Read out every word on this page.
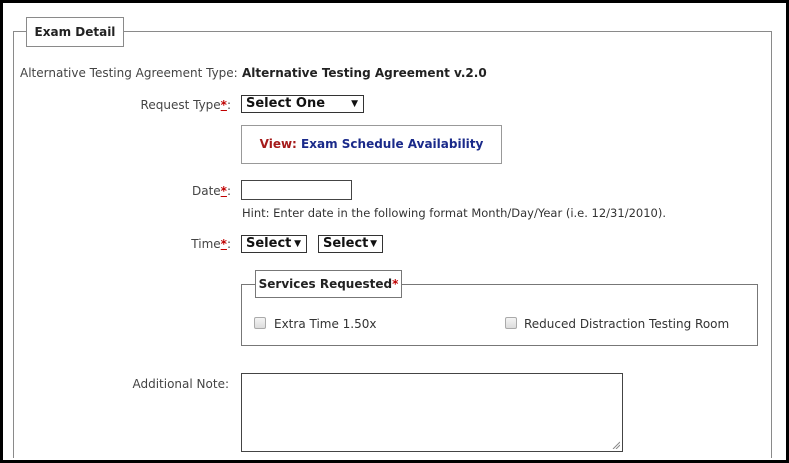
Exam Detail
Alternative Testing Agreement Type: Alternative Testing Agreement v.2.0
Request Type*:	Select One	▼
View: Exam Schedule Availability
Date*:
Hint: Enter date in the following format Month/Day/Year (i.e. 12/31/2010).
Time*:	Select ▼	Select ▼
Services Requested*
Extra Time 1.50x	Reduced Distraction Testing Room
Additional Note:
